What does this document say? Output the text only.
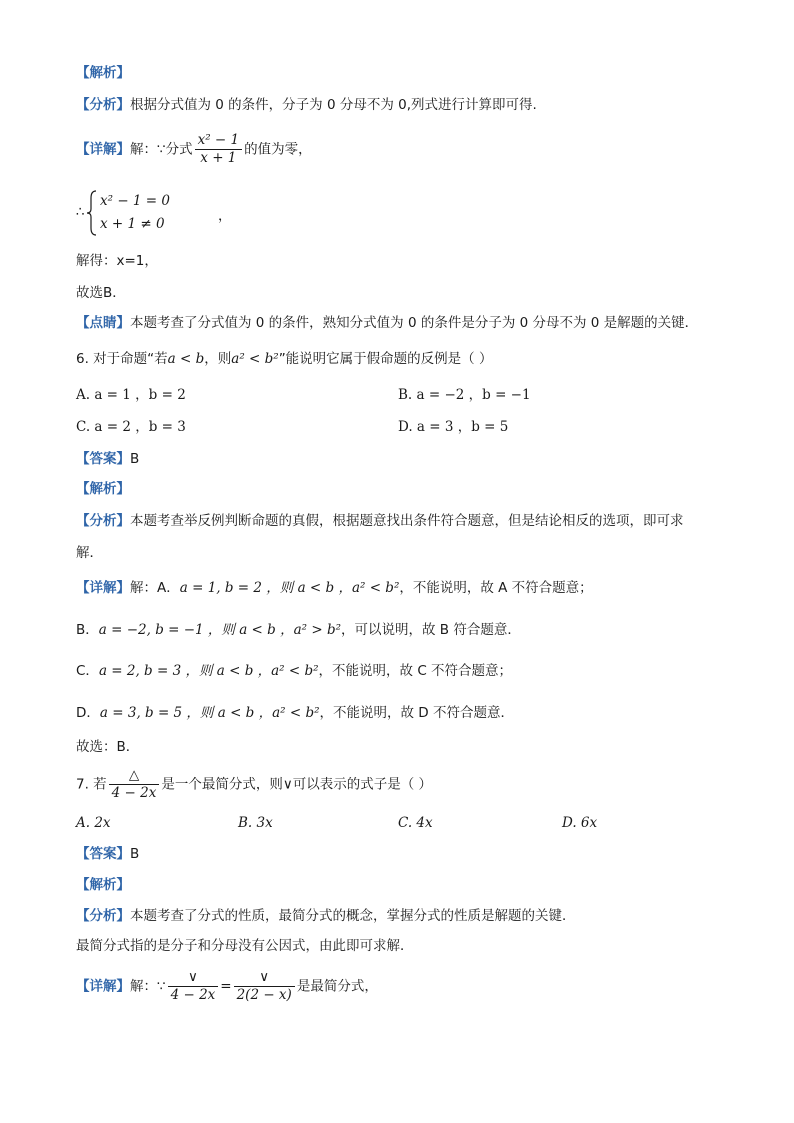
【解析】
【分析】根据分式值为 0 的条件，分子为 0 分母不为 0,列式进行计算即可得.
【详解】解：∵分式 $\frac{\text{x² − 1}}{x + 1}$ 的值为零，
∴
x² − 1 = 0
x + 1 ≠ 0	，
解得：x=1，
故选B．
【点睛】本题考查了分式值为 0 的条件，熟知分式值为 0 的条件是分子为 0 分母不为 0 是解题的关键．
6. 对于命题“若a < b，则a² < b²”能说明它属于假命题的反例是（ ）
A. a = 1 ，b = 2	B. a = −2 ，b = −1
C. a = 2 ，b = 3	D. a = 3 ，b = 5
【答案】B
【解析】
【分析】本题考查举反例判断命题的真假，根据题意找出条件符合题意，但是结论相反的选项，即可求
解．
【详解】解：A．a = 1, b = 2 ，则 a < b ，a² < b²，不能说明，故 A 不符合题意；
B．a = −2, b = −1 ，则 a < b ，a² > b²，可以说明，故 B 符合题意．
C．a = 2, b = 3 ，则 a < b ，a² < b²，不能说明，故 C 不符合题意；
D．a = 3, b = 5 ，则 a < b ，a² < b²，不能说明，故 D 不符合题意．
故选：B．
7. 若 $\frac{\triangle}{4 - 2x}$ 是一个最简分式，则∨可以表示的式子是（ ）
A. 2x	B. 3x	C. 4x	D. 6x
【答案】B
【解析】
【分析】本题考查了分式的性质，最简分式的概念，掌握分式的性质是解题的关键．
最简分式指的是分子和分母没有公因式，由此即可求解．
【详解】解：∵ $\frac{\vee}{4 - 2x} = \frac{\vee}{2(2 - x)}$ 是最简分式，
